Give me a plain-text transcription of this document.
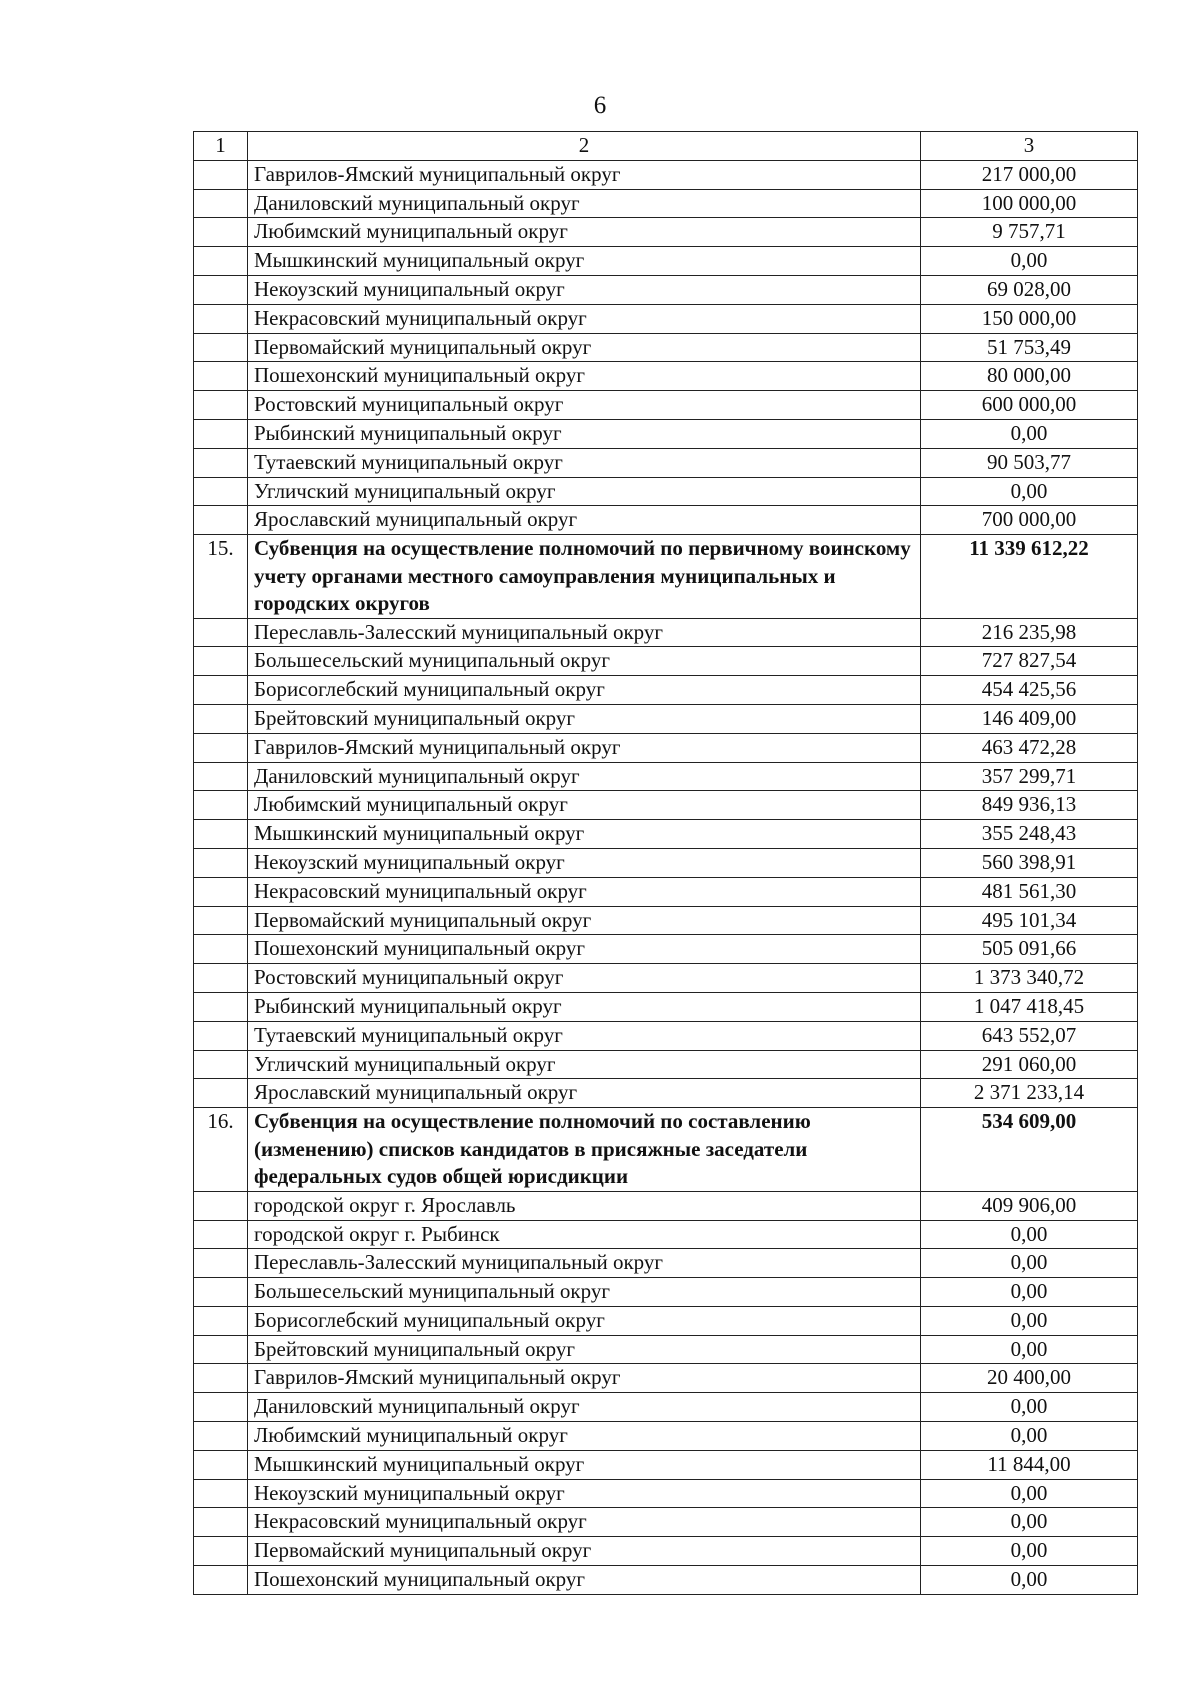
6
1	2	3
	Гаврилов-Ямский муниципальный округ	217 000,00
	Даниловский муниципальный округ	100 000,00
	Любимский муниципальный округ	9 757,71
	Мышкинский муниципальный округ	0,00
	Некоузский муниципальный округ	69 028,00
	Некрасовский муниципальный округ	150 000,00
	Первомайский муниципальный округ	51 753,49
	Пошехонский муниципальный округ	80 000,00
	Ростовский муниципальный округ	600 000,00
	Рыбинский муниципальный округ	0,00
	Тутаевский муниципальный округ	90 503,77
	Угличский муниципальный округ	0,00
	Ярославский муниципальный округ	700 000,00
15.	Субвенция на осуществление полномочий по первичному воинскому учету органами местного самоуправления муниципальных и городских округов	11 339 612,22
	Переславль-Залесский муниципальный округ	216 235,98
	Большесельский муниципальный округ	727 827,54
	Борисоглебский муниципальный округ	454 425,56
	Брейтовский муниципальный округ	146 409,00
	Гаврилов-Ямский муниципальный округ	463 472,28
	Даниловский муниципальный округ	357 299,71
	Любимский муниципальный округ	849 936,13
	Мышкинский муниципальный округ	355 248,43
	Некоузский муниципальный округ	560 398,91
	Некрасовский муниципальный округ	481 561,30
	Первомайский муниципальный округ	495 101,34
	Пошехонский муниципальный округ	505 091,66
	Ростовский муниципальный округ	1 373 340,72
	Рыбинский муниципальный округ	1 047 418,45
	Тутаевский муниципальный округ	643 552,07
	Угличский муниципальный округ	291 060,00
	Ярославский муниципальный округ	2 371 233,14
16.	Субвенция на осуществление полномочий по составлению (изменению) списков кандидатов в присяжные заседатели федеральных судов общей юрисдикции	534 609,00
	городской округ г. Ярославль	409 906,00
	городской округ г. Рыбинск	0,00
	Переславль-Залесский муниципальный округ	0,00
	Большесельский муниципальный округ	0,00
	Борисоглебский муниципальный округ	0,00
	Брейтовский муниципальный округ	0,00
	Гаврилов-Ямский муниципальный округ	20 400,00
	Даниловский муниципальный округ	0,00
	Любимский муниципальный округ	0,00
	Мышкинский муниципальный округ	11 844,00
	Некоузский муниципальный округ	0,00
	Некрасовский муниципальный округ	0,00
	Первомайский муниципальный округ	0,00
	Пошехонский муниципальный округ	0,00
